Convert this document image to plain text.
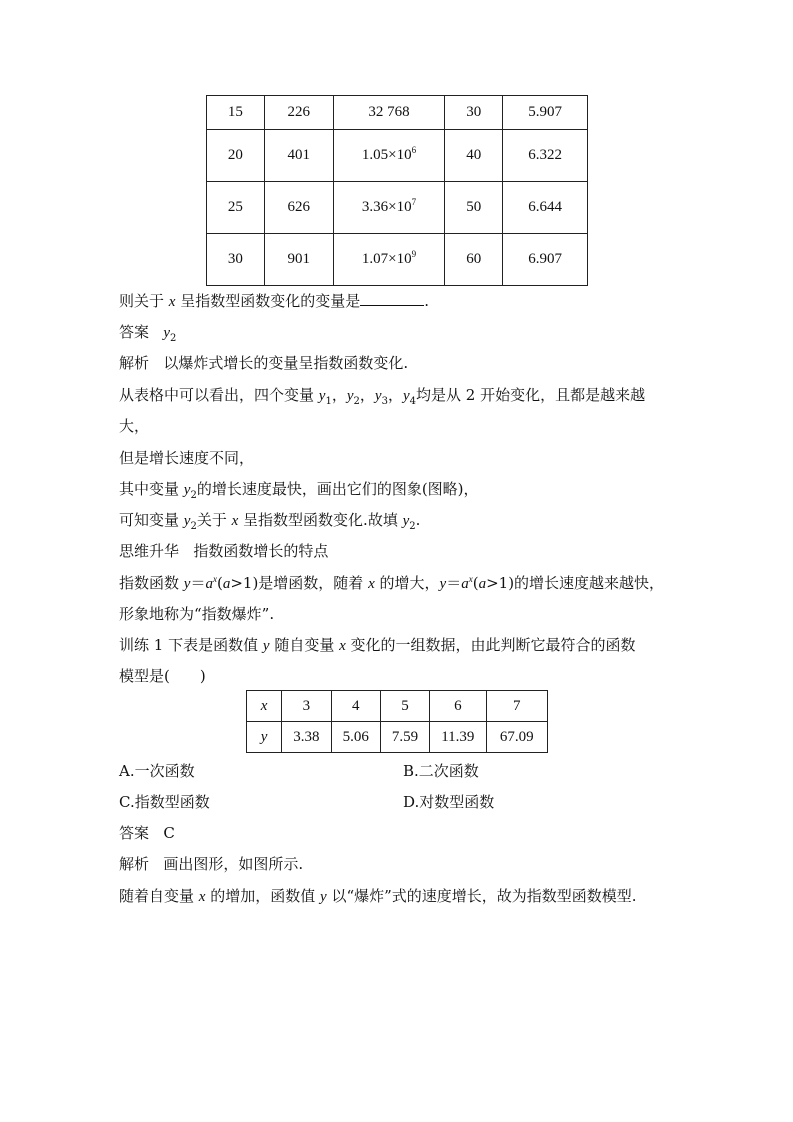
15	226	32 768	30	5.907
20	401	$1.05\times 10^6$	40	6.322
25	626	$3.36\times 10^7$	50	6.644
30	901	$1.07\times 10^9$	60	6.907
则关于 x 呈指数型函数变化的变量是	.
答案 $y_2$
解析 以爆炸式增长的变量呈指数函数变化.
从表格中可以看出，四个变量 $y_1$，$y_2$，$y_3$，$y_4$均是从 2 开始变化，且都是越来越
大，
但是增长速度不同，
其中变量 $y_2$的增长速度最快，画出它们的图象(图略)，
可知变量 $y_2$关于 x 呈指数型函数变化.故填 $y_2$.
思维升华 指数函数增长的特点
指数函数 $y=a^x(a>1)$是增函数，随着 x 的增大，$y=a^x(a>1)$的增长速度越来越快，
形象地称为“指数爆炸”.
训练 1 下表是函数值 y 随自变量 x 变化的一组数据，由此判断它最符合的函数
模型是(　　)
x	3	4	5	6	7
y	3.38	5.06	7.59	11.39	67.09
A.一次函数	B.二次函数
C.指数型函数	D.对数型函数
答案 C
解析 画出图形，如图所示.
随着自变量 x 的增加，函数值 y 以“爆炸”式的速度增长，故为指数型函数模型.
